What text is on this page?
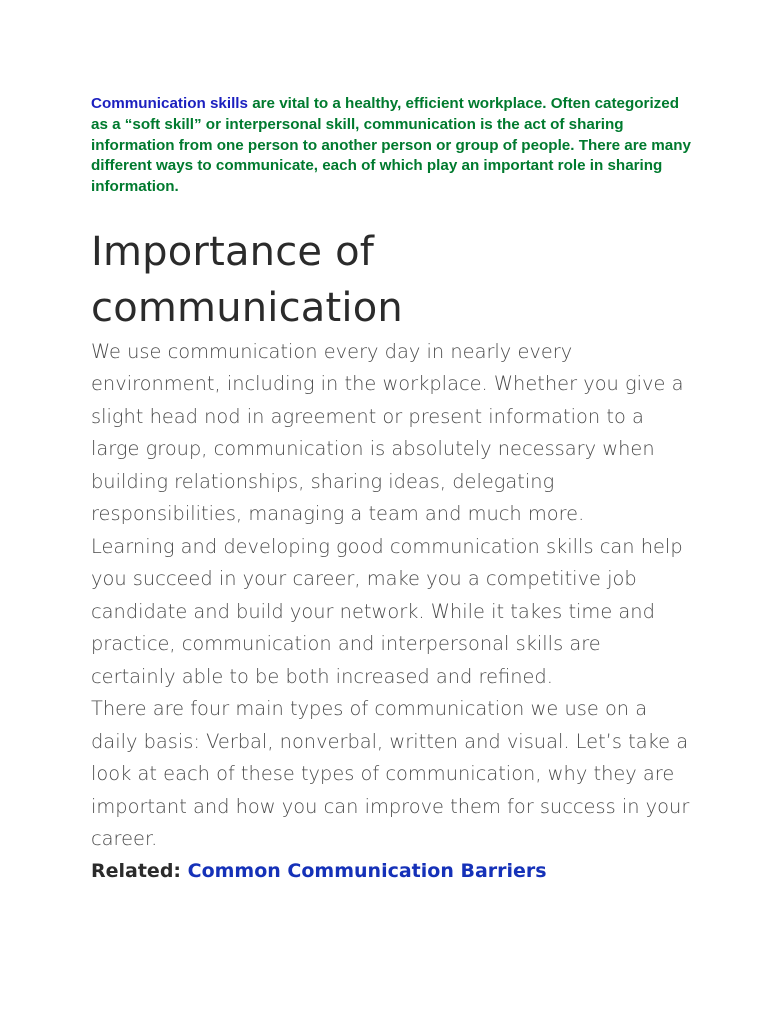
Communication skills are vital to a healthy, efficient workplace. Often categorized as a “soft skill” or interpersonal skill, communication is the act of sharing information from one person to another person or group of people. There are many different ways to communicate, each of which play an important role in sharing information.

Importance of communication

We use communication every day in nearly every environment, including in the workplace. Whether you give a slight head nod in agreement or present information to a large group, communication is absolutely necessary when building relationships, sharing ideas, delegating responsibilities, managing a team and much more.

Learning and developing good communication skills can help you succeed in your career, make you a competitive job candidate and build your network. While it takes time and practice, communication and interpersonal skills are certainly able to be both increased and refined.

There are four main types of communication we use on a daily basis: Verbal, nonverbal, written and visual. Let’s take a look at each of these types of communication, why they are important and how you can improve them for success in your career.

Related: Common Communication Barriers
